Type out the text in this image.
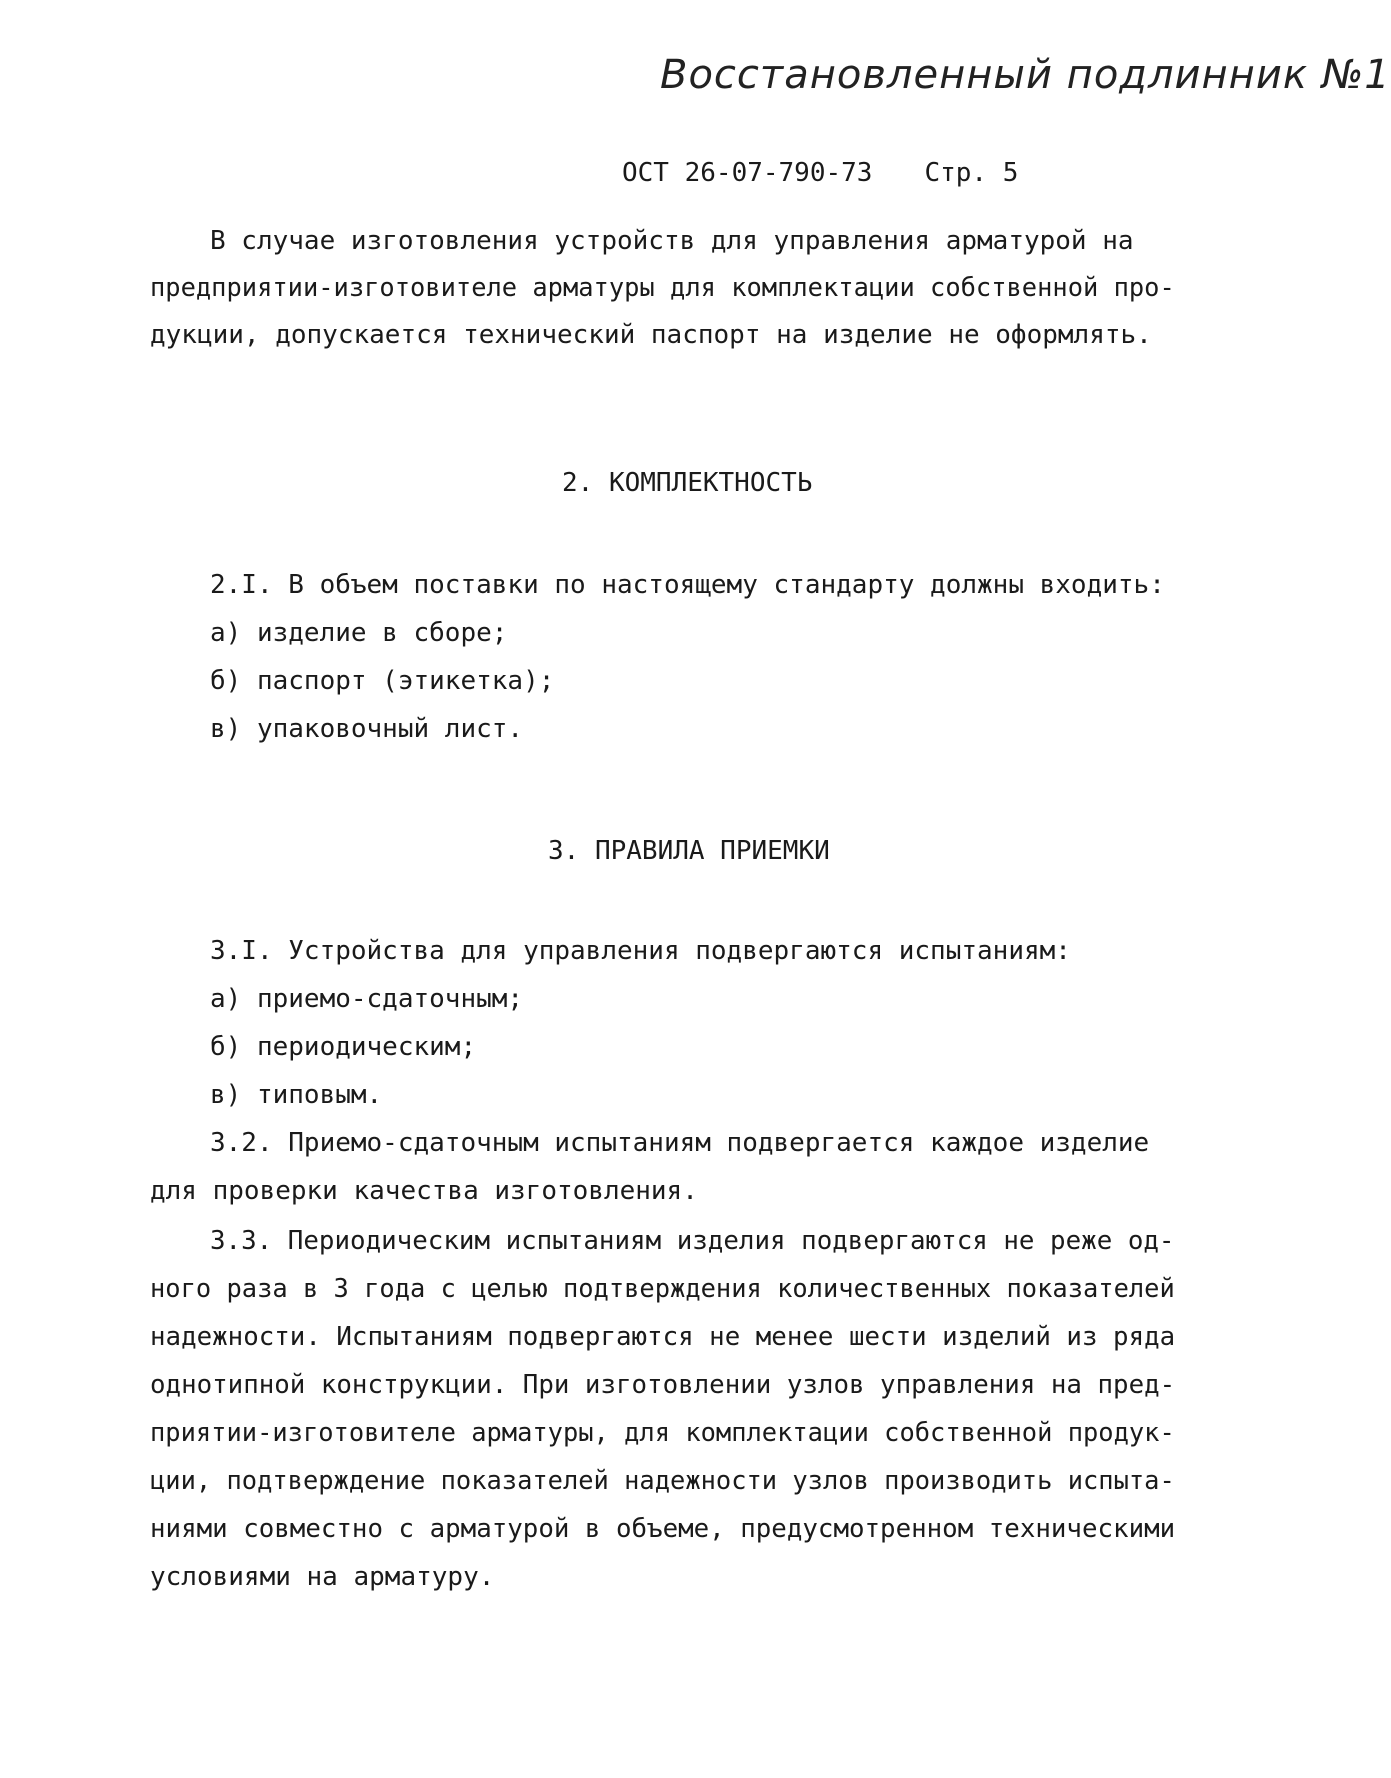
Восстановленный подлинник №1
ОСТ 26-07-790-73 Стр. 5
В случае изготовления устройств для управления арматурой на
предприятии-изготовителе арматуры для комплектации собственной про-
дукции, допускается технический паспорт на изделие не оформлять.
2. КОМПЛЕКТНОСТЬ
2.I. В объем поставки по настоящему стандарту должны входить:
а) изделие в сборе;
б) паспорт (этикетка);
в) упаковочный лист.
3. ПРАВИЛА ПРИЕМКИ
3.I. Устройства для управления подвергаются испытаниям:
а) приемо-сдаточным;
б) периодическим;
в) типовым.
3.2. Приемо-сдаточным испытаниям подвергается каждое изделие
для проверки качества изготовления.
3.3. Периодическим испытаниям изделия подвергаются не реже од-
ного раза в 3 года с целью подтверждения количественных показателей
надежности. Испытаниям подвергаются не менее шести изделий из ряда
однотипной конструкции. При изготовлении узлов управления на пред-
приятии-изготовителе арматуры, для комплектации собственной продук-
ции, подтверждение показателей надежности узлов производить испыта-
ниями совместно с арматурой в объеме, предусмотренном техническими
условиями на арматуру.
